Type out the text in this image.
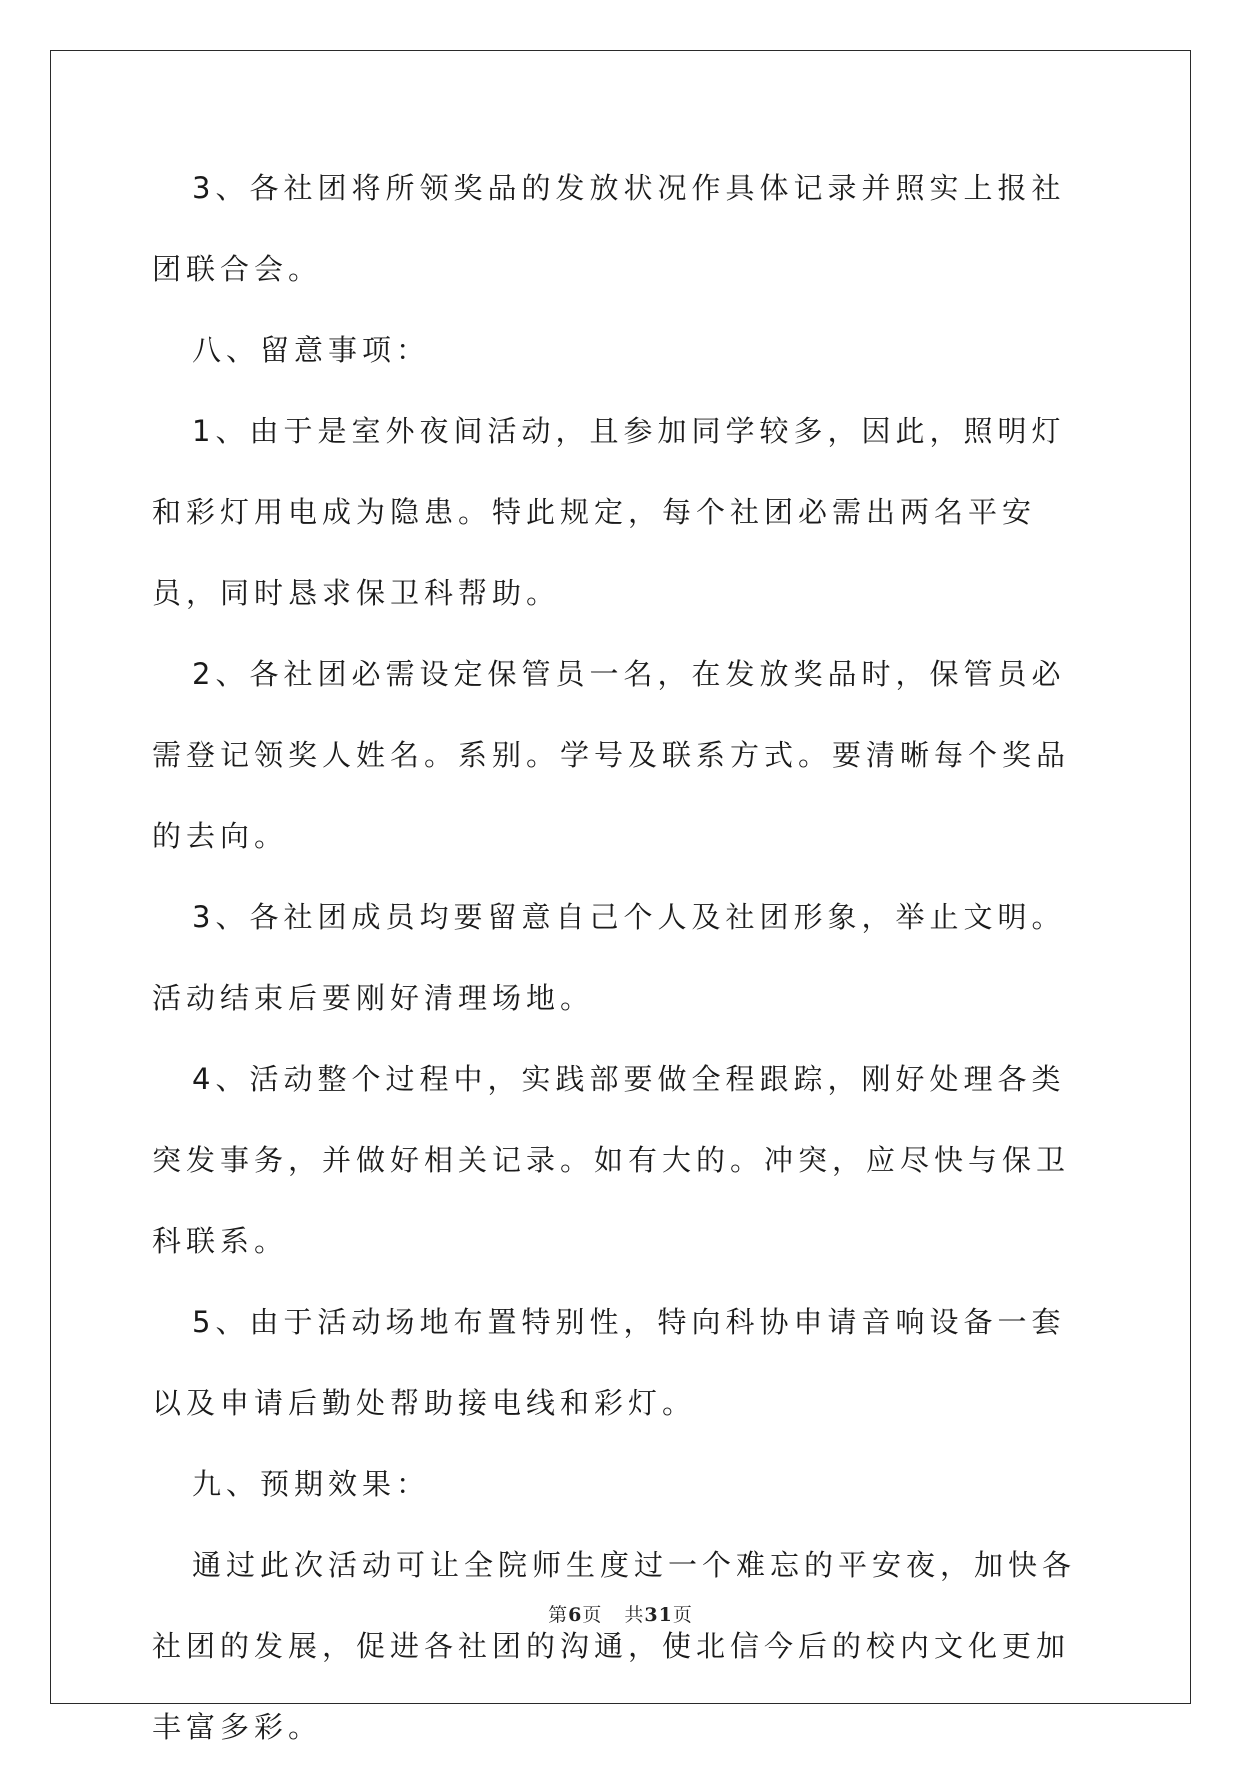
3、各社团将所领奖品的发放状况作具体记录并照实上报社团联合会。

八、留意事项：

1、由于是室外夜间活动，且参加同学较多，因此，照明灯和彩灯用电成为隐患。特此规定，每个社团必需出两名平安员，同时恳求保卫科帮助。

2、各社团必需设定保管员一名，在发放奖品时，保管员必需登记领奖人姓名。系别。学号及联系方式。要清晰每个奖品的去向。

3、各社团成员均要留意自己个人及社团形象，举止文明。活动结束后要刚好清理场地。

4、活动整个过程中，实践部要做全程跟踪，刚好处理各类突发事务，并做好相关记录。如有大的。冲突，应尽快与保卫科联系。

5、由于活动场地布置特别性，特向科协申请音响设备一套以及申请后勤处帮助接电线和彩灯。

九、预期效果：

通过此次活动可让全院师生度过一个难忘的平安夜，加快各社团的发展，促进各社团的沟通，使北信今后的校内文化更加丰富多彩。

第6页 共31页
